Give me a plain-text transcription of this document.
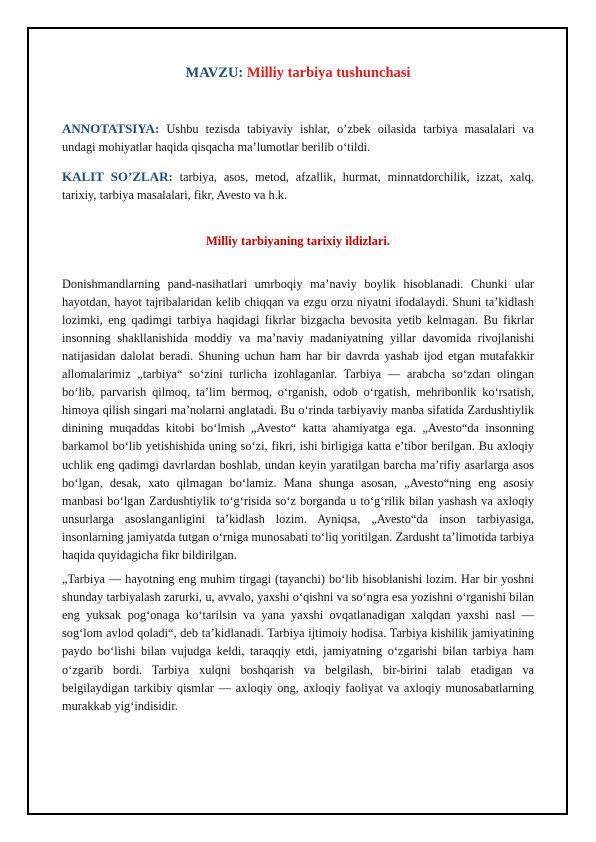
MAVZU: Milliy tarbiya tushunchasi

ANNOTATSIYA: Ushbu tezisda tabiyaviy ishlar, o’zbek oilasida tarbiya masalalari va undagi mohiyatlar haqida qisqacha ma’lumotlar berilib o‘tildi.

KALIT SO’ZLAR: tarbiya, asos, metod, afzallik, hurmat, minnatdorchilik, izzat, xalq, tarixiy, tarbiya masalalari, fikr, Avesto va h.k.

Milliy tarbiyaning tarixiy ildizlari.

Donishmandlarning pand-nasihatlari umrboqiy ma’naviy boylik hisoblanadi. Chunki ular hayotdan, hayot tajribalaridan kelib chiqqan va ezgu orzu niyatni ifodalaydi. Shuni ta’kidlash lozimki, eng qadimgi tarbiya haqidagi fikrlar bizgacha bevosita yetib kelmagan. Bu fikrlar insonning shakllanishida moddiy va ma’naviy madaniyatning yillar davomida rivojlanishi natijasidan dalolat beradi. Shuning uchun ham har bir davrda yashab ijod etgan mutafakkir allomalarimiz „tarbiya“ so‘zini turlicha izohlaganlar. Tarbiya — arabcha so‘zdan olingan bo‘lib, parvarish qilmoq, ta’lim bermoq, o‘rganish, odob o‘rgatish, mehribonlik ko‘rsatish, himoya qilish singari ma’nolarni anglatadi. Bu o‘rinda tarbiyaviy manba sifatida Zardushtiylik dinining muqaddas kitobi bo‘lmish „Avesto“ katta ahamiyatga ega. „Avesto“da insonning barkamol bo‘lib yetishishida uning so‘zi, fikri, ishi birligiga katta e’tibor berilgan. Bu axloqiy uchlik eng qadimgi davrlardan boshlab, undan keyin yaratilgan barcha ma’rifiy asarlarga asos bo‘lgan, desak, xato qilmagan bo‘lamiz. Mana shunga asosan, „Avesto“ning eng asosiy manbasi bo‘lgan Zardushtiylik to‘g‘risida so‘z borganda u to‘g‘rilik bilan yashash va axloqiy unsurlarga asoslanganligini ta’kidlash lozim. Ayniqsa, „Avesto“da inson tarbiyasiga, insonlarning jamiyatda tutgan o‘rniga munosabati to‘liq yoritilgan. Zardusht ta’limotida tarbiya haqida quyidagicha fikr bildirilgan.

„Tarbiya — hayotning eng muhim tirgagi (tayanchi) bo‘lib hisoblanishi lozim. Har bir yoshni shunday tarbiyalash zarurki, u, avvalo, yaxshi o‘qishni va so‘ngra esa yozishni o‘rganishi bilan eng yuksak pog‘onaga ko‘tarilsin va yana yaxshi ovqatlanadigan xalqdan yaxshi nasl — sog‘lom avlod qoladi“, deb ta’kidlanadi. Tarbiya ijtimoiy hodisa. Tarbiya kishilik jamiyatining paydo bo‘lishi bilan vujudga keldi, taraqqiy etdi, jamiyatning o‘zgarishi bilan tarbiya ham o‘zgarib bordi. Tarbiya xulqni boshqarish va belgilash, bir-birini talab etadigan va belgilaydigan tarkibiy qismlar — axloqiy ong, axloqiy faoliyat va axloqiy munosabatlarning murakkab yig‘indisidir.
